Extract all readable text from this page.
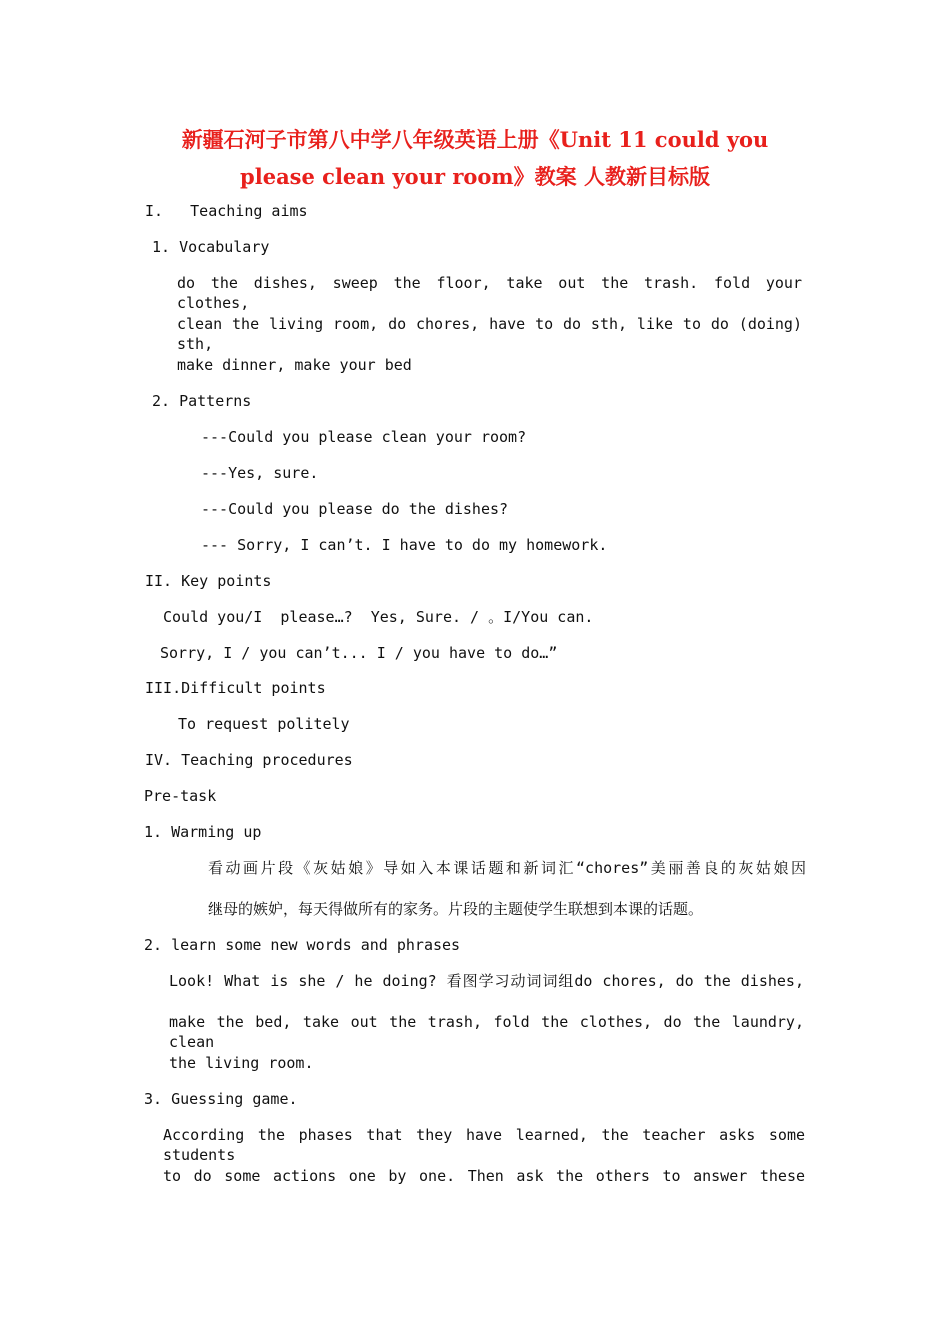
新疆石河子市第八中学八年级英语上册《Unit 11 could you
please clean your room》教案 人教新目标版
I.   Teaching aims
1. Vocabulary
do the dishes, sweep the floor, take out the trash. fold your clothes,
clean the living room, do chores, have to do sth, like to do (doing) sth,
make dinner, make your bed
2. Patterns
---Could you please clean your room?
---Yes, sure.
---Could you please do the dishes?
--- Sorry, I can’t. I have to do my homework.
II. Key points
Could you/I  please…?  Yes, Sure. / 。I/You can.
Sorry, I / you can’t... I / you have to do…”
III.Difficult points
To request politely
IV. Teaching procedures
Pre-task
1. Warming up
看动画片段《灰姑娘》导如入本课话题和新词汇“chores”美丽善良的灰姑娘因
继母的嫉妒，每天得做所有的家务。片段的主题使学生联想到本课的话题。
2. learn some new words and phrases
Look! What is she / he doing? 看图学习动词词组do chores, do the dishes,
make the bed, take out the trash, fold the clothes, do the laundry, clean
the living room.
3. Guessing game.
According the phases that they have learned, the teacher asks some students
to do some actions one by one. Then ask the others to answer these
